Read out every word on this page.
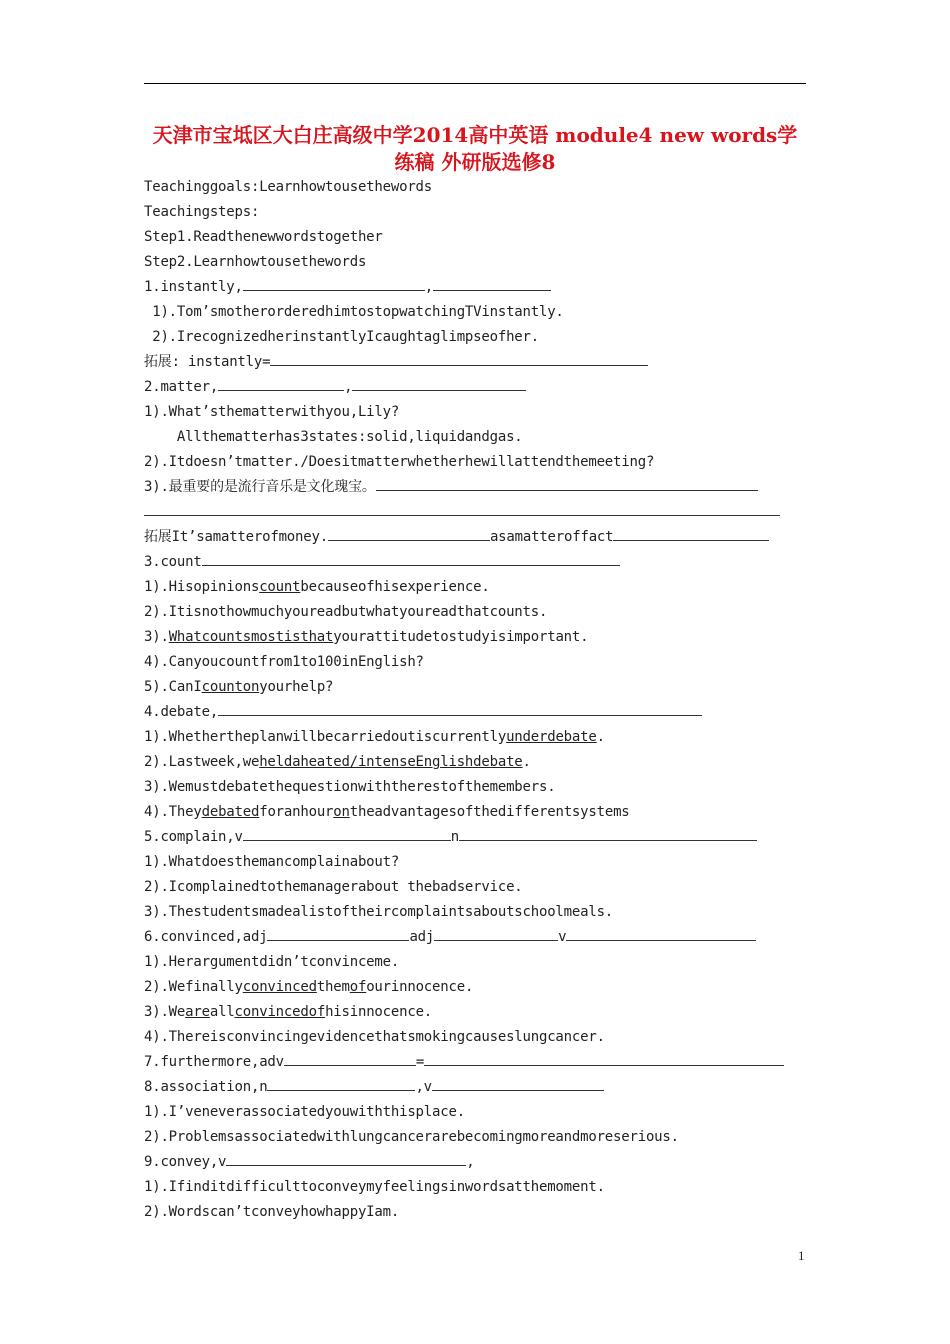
天津市宝坻区大白庄高级中学2014高中英语 module4 new words学练稿 外研版选修8
Teachinggoals:Learnhowtousethewords
Teachingsteps:
Step1.Readthenewwordstogether
Step2.Learnhowtousethewords
1.instantly,	,
1).Tom’smotherorderedhimtostopwatchingTVinstantly.
2).IrecognizedherinstantlyIcaughtaglimpseofher.
拓展: instantly=
2.matter,	,
1).What’sthematterwithyou,Lily?
Allthematterhas3states:solid,liquidandgas.
2).Itdoesn’tmatter./Doesitmatterwhetherhewillattendthemeeting?
3).最重要的是流行音乐是文化瑰宝。
拓展It’samatterofmoney.	asamatteroffact
3.count
1).Hisopinionscountbecauseofhisexperience.
2).Itisnothowmuchyoureadbutwhatyoureadthatcounts.
3).Whatcountsmostisthatyourattitudetostudyisimportant.
4).Canyoucountfrom1to100inEnglish?
5).CanIcountonyourhelp?
4.debate,
1).Whethertheplanwillbecarriedoutiscurrentlyunderdebate.
2).Lastweek,weheldaheated/intenseEnglishdebate.
3).Wemustdebatethequestionwiththerestofthemembers.
4).Theydebatedforanhourontheadvantagesofthedifferentsystems
5.complain,v	n
1).Whatdoesthemancomplainabout?
2).Icomplainedtothemanagerabout thebadservice.
3).Thestudentsmadealistoftheircomplaintsaboutschoolmeals.
6.convinced,adj	adj	v
1).Herargumentdidn’tconvinceme.
2).Wefinallyconvincedthemofourinnocence.
3).Weareallconvincedofhisinnocence.
4).Thereisconvincingevidencethatsmokingcauseslungcancer.
7.furthermore,adv	=
8.association,n	,v
1).I’veneverassociatedyouwiththisplace.
2).Problemsassociatedwithlungcancerarebecomingmoreandmoreserious.
9.convey,v	,
1).Ifinditdifficulttoconveymyfeelingsinwordsatthemoment.
2).Wordscan’tconveyhowhappyIam.
1
